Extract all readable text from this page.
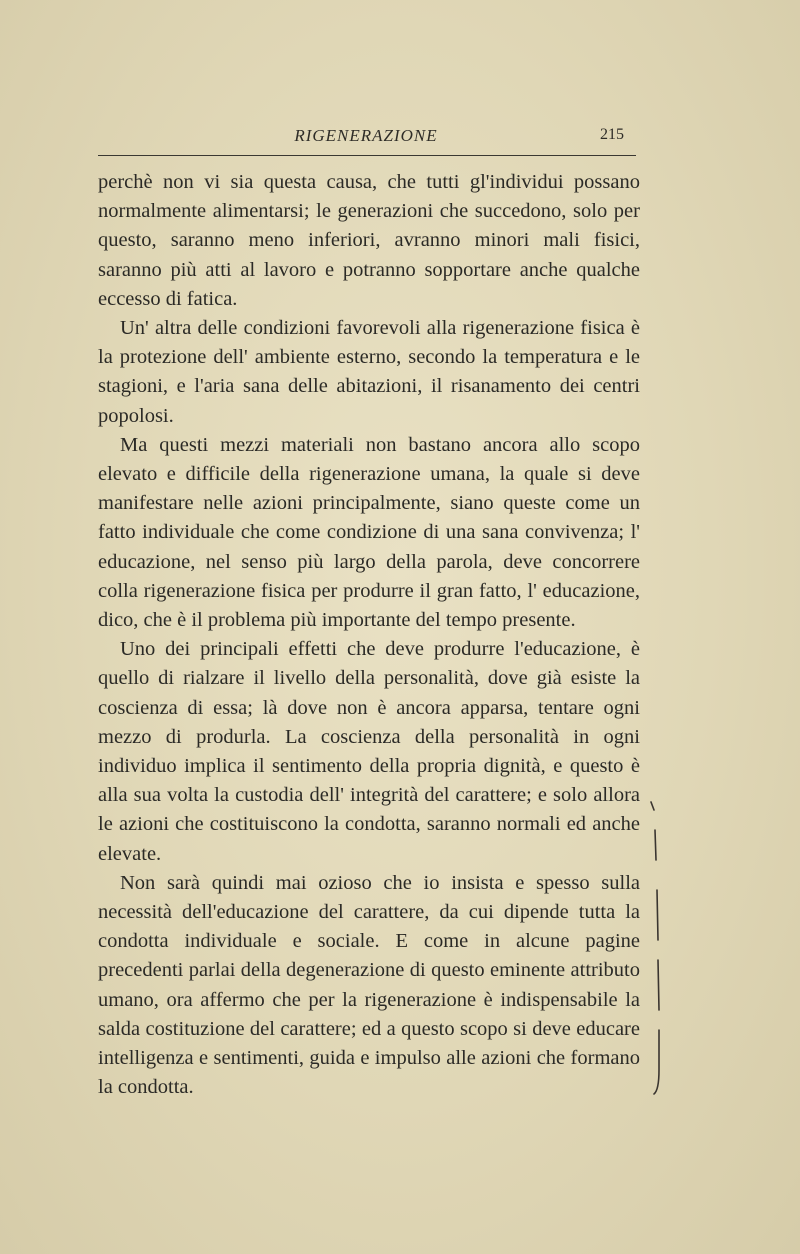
RIGENERAZIONE	215

perchè non vi sia questa causa, che tutti gl'individui possano normalmente alimentarsi; le generazioni che succedono, solo per questo, saranno meno inferiori, avranno minori mali fisici, saranno più atti al lavoro e potranno sopportare anche qualche eccesso di fatica.

Un' altra delle condizioni favorevoli alla rigenerazione fisica è la protezione dell' ambiente esterno, secondo la temperatura e le stagioni, e l'aria sana delle abitazioni, il risanamento dei centri popolosi.

Ma questi mezzi materiali non bastano ancora allo scopo elevato e difficile della rigenerazione umana, la quale si deve manifestare nelle azioni principalmente, siano queste come un fatto individuale che come condizione di una sana convivenza; l' educazione, nel senso più largo della parola, deve concorrere colla rigenerazione fisica per produrre il gran fatto, l' educazione, dico, che è il problema più importante del tempo presente.

Uno dei principali effetti che deve produrre l'educazione, è quello di rialzare il livello della personalità, dove già esiste la coscienza di essa; là dove non è ancora apparsa, tentare ogni mezzo di produrla. La coscienza della personalità in ogni individuo implica il sentimento della propria dignità, e questo è alla sua volta la custodia dell' integrità del carattere; e solo allora le azioni che costituiscono la condotta, saranno normali ed anche elevate.

Non sarà quindi mai ozioso che io insista e spesso sulla necessità dell'educazione del carattere, da cui dipende tutta la condotta individuale e sociale. E come in alcune pagine precedenti parlai della degenerazione di questo eminente attributo umano, ora affermo che per la rigenerazione è indispensabile la salda costituzione del carattere; ed a questo scopo si deve educare intelligenza e sentimenti, guida e impulso alle azioni che formano la condotta.
